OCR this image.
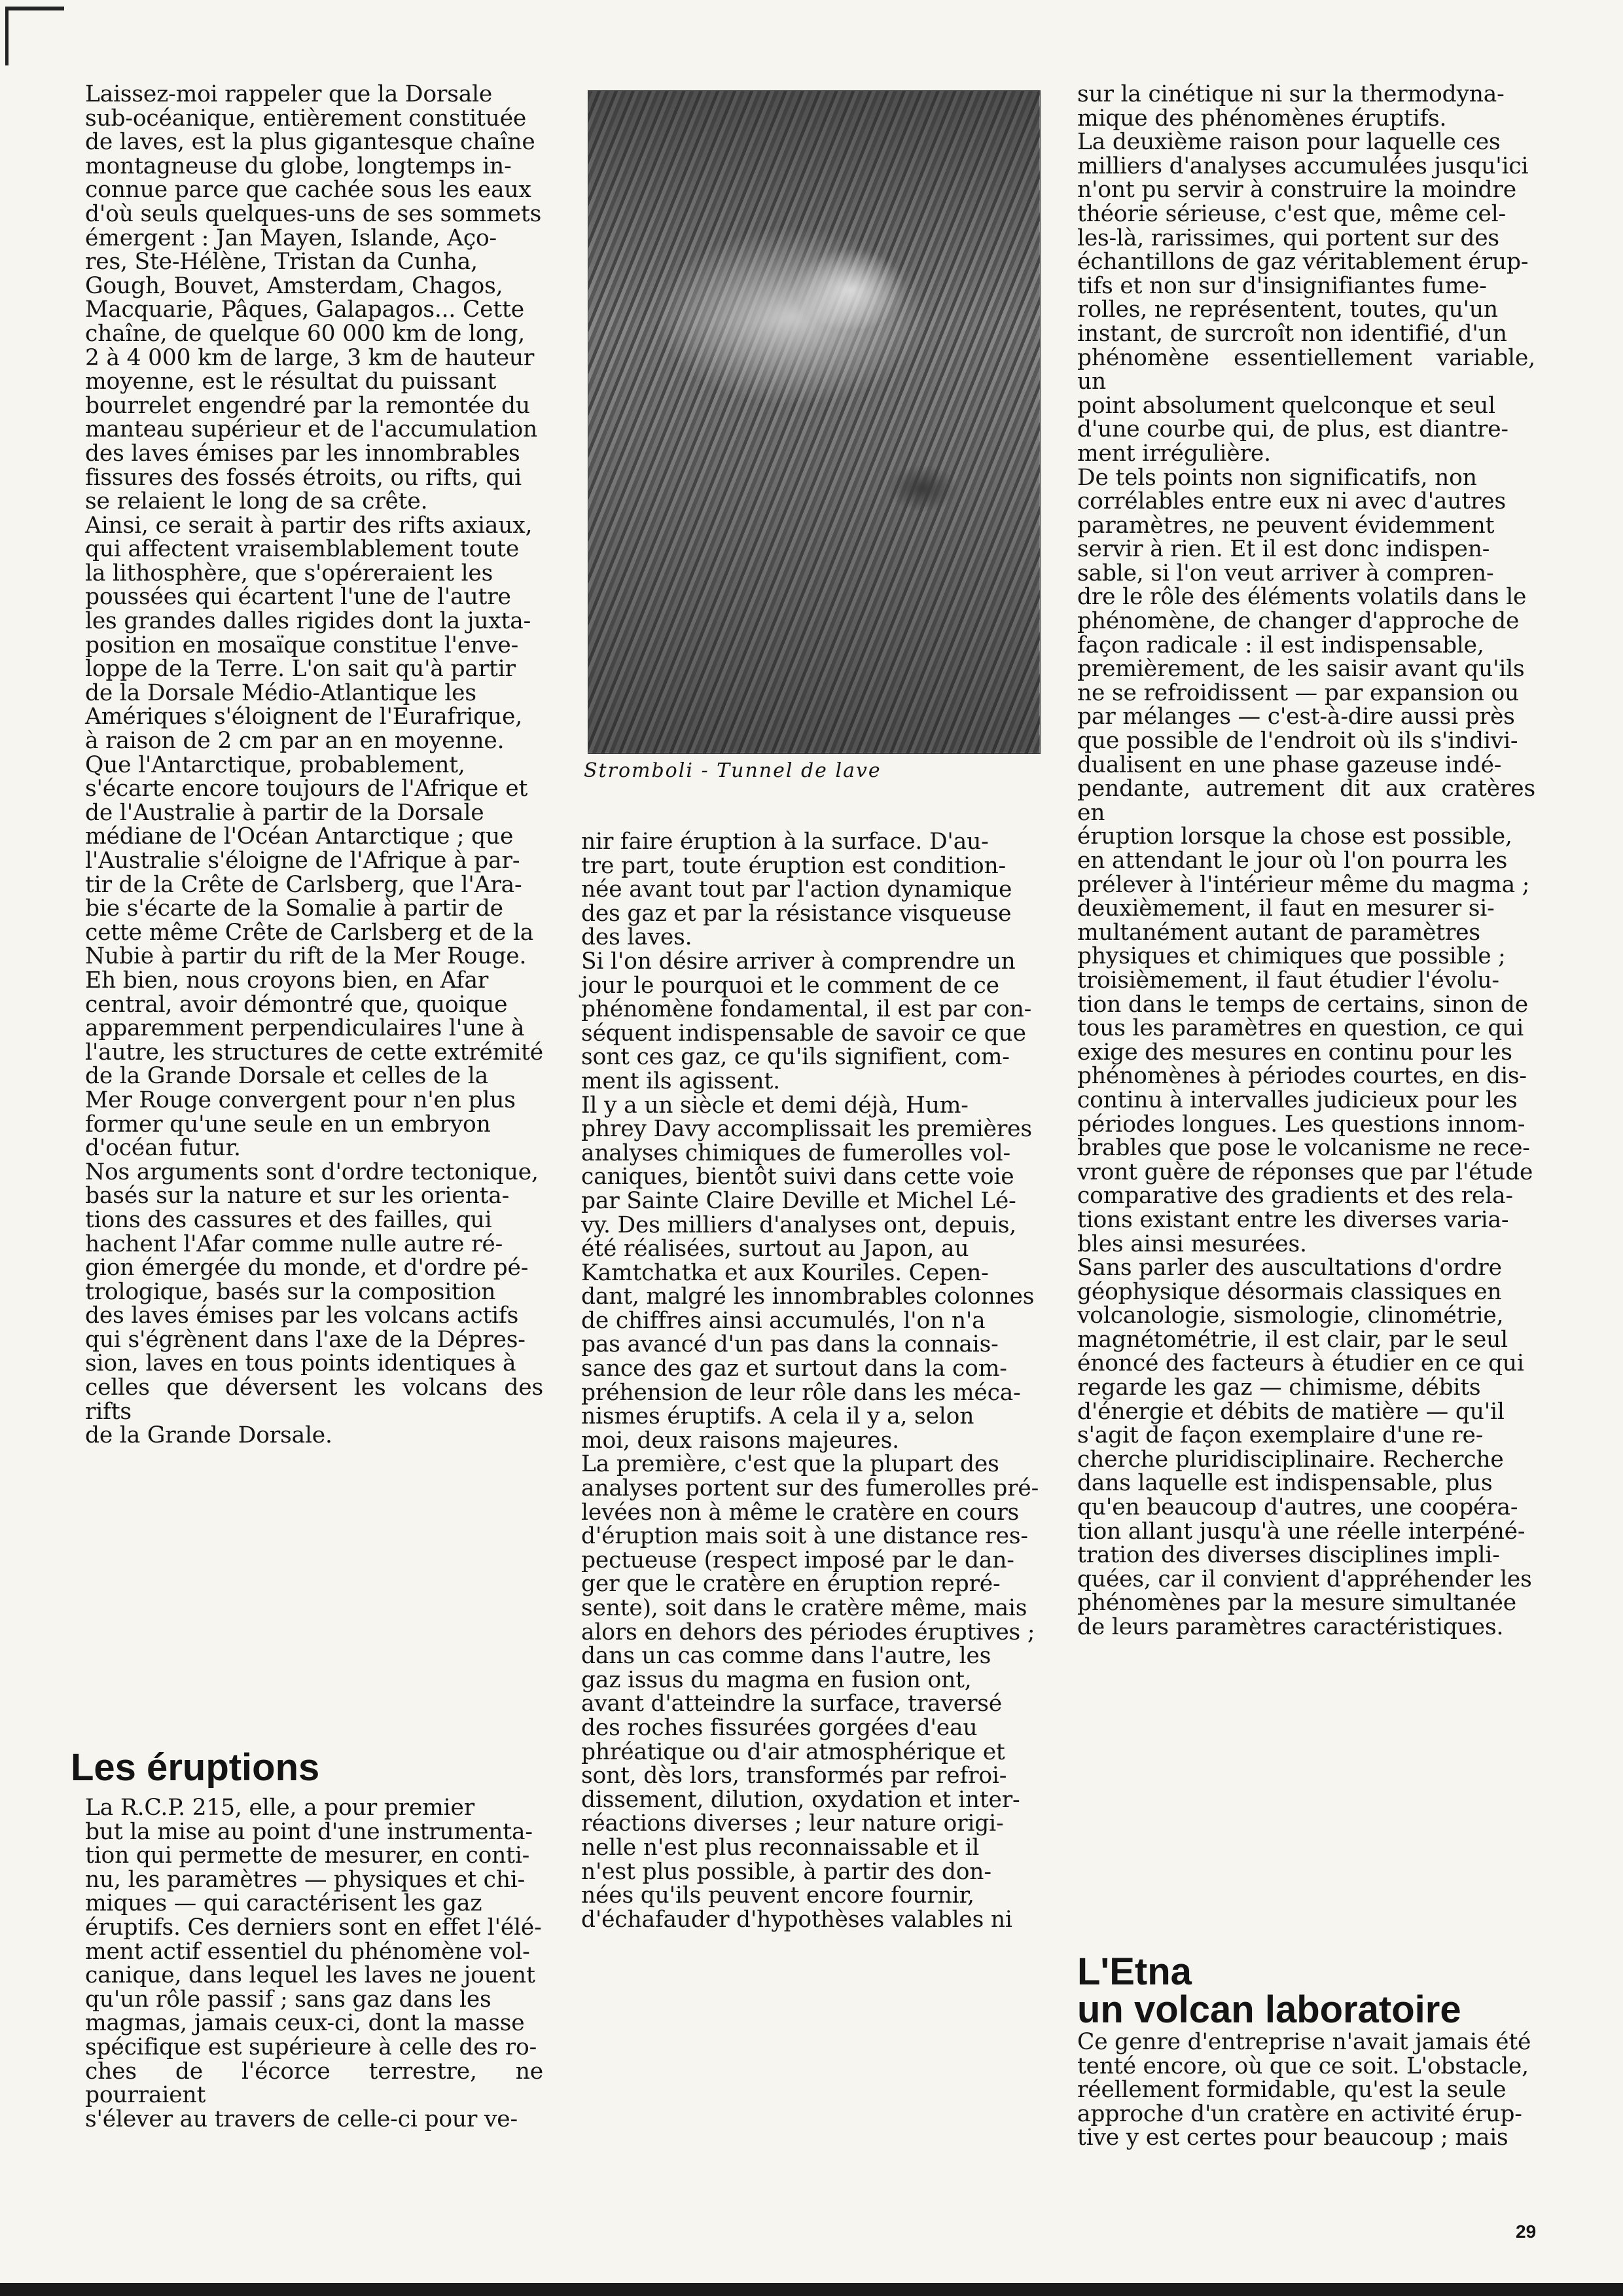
Laissez-moi rappeler que la Dorsale
sub-océanique, entièrement constituée
de laves, est la plus gigantesque chaîne
montagneuse du globe, longtemps in-
connue parce que cachée sous les eaux
d'où seuls quelques-uns de ses sommets
émergent : Jan Mayen, Islande, Aço-
res, Ste-Hélène, Tristan da Cunha,
Gough, Bouvet, Amsterdam, Chagos,
Macquarie, Pâques, Galapagos... Cette
chaîne, de quelque 60 000 km de long,
2 à 4 000 km de large, 3 km de hauteur
moyenne, est le résultat du puissant
bourrelet engendré par la remontée du
manteau supérieur et de l'accumulation
des laves émises par les innombrables
fissures des fossés étroits, ou rifts, qui
se relaient le long de sa crête.

Ainsi, ce serait à partir des rifts axiaux,
qui affectent vraisemblablement toute
la lithosphère, que s'opéreraient les
poussées qui écartent l'une de l'autre
les grandes dalles rigides dont la juxta-
position en mosaïque constitue l'enve-
loppe de la Terre. L'on sait qu'à partir
de la Dorsale Médio-Atlantique les
Amériques s'éloignent de l'Eurafrique,
à raison de 2 cm par an en moyenne.
Que l'Antarctique, probablement,
s'écarte encore toujours de l'Afrique et
de l'Australie à partir de la Dorsale
médiane de l'Océan Antarctique ; que
l'Australie s'éloigne de l'Afrique à par-
tir de la Crête de Carlsberg, que l'Ara-
bie s'écarte de la Somalie à partir de
cette même Crête de Carlsberg et de la
Nubie à partir du rift de la Mer Rouge.
Eh bien, nous croyons bien, en Afar
central, avoir démontré que, quoique
apparemment perpendiculaires l'une à
l'autre, les structures de cette extrémité
de la Grande Dorsale et celles de la
Mer Rouge convergent pour n'en plus
former qu'une seule en un embryon
d'océan futur.

Nos arguments sont d'ordre tectonique,
basés sur la nature et sur les orienta-
tions des cassures et des failles, qui
hachent l'Afar comme nulle autre ré-
gion émergée du monde, et d'ordre pé-
trologique, basés sur la composition
des laves émises par les volcans actifs
qui s'égrènent dans l'axe de la Dépres-
sion, laves en tous points identiques à
celles que déversent les volcans des rifts
de la Grande Dorsale.

Les éruptions

La R.C.P. 215, elle, a pour premier
but la mise au point d'une instrumenta-
tion qui permette de mesurer, en conti-
nu, les paramètres — physiques et chi-
miques — qui caractérisent les gaz
éruptifs. Ces derniers sont en effet l'élé-
ment actif essentiel du phénomène vol-
canique, dans lequel les laves ne jouent
qu'un rôle passif ; sans gaz dans les
magmas, jamais ceux-ci, dont la masse
spécifique est supérieure à celle des ro-
ches de l'écorce terrestre, ne pourraient
s'élever au travers de celle-ci pour ve-

Stromboli - Tunnel de lave

nir faire éruption à la surface. D'au-
tre part, toute éruption est condition-
née avant tout par l'action dynamique
des gaz et par la résistance visqueuse
des laves.

Si l'on désire arriver à comprendre un
jour le pourquoi et le comment de ce
phénomène fondamental, il est par con-
séquent indispensable de savoir ce que
sont ces gaz, ce qu'ils signifient, com-
ment ils agissent.

Il y a un siècle et demi déjà, Hum-
phrey Davy accomplissait les premières
analyses chimiques de fumerolles vol-
caniques, bientôt suivi dans cette voie
par Sainte Claire Deville et Michel Lé-
vy. Des milliers d'analyses ont, depuis,
été réalisées, surtout au Japon, au
Kamtchatka et aux Kouriles. Cepen-
dant, malgré les innombrables colonnes
de chiffres ainsi accumulés, l'on n'a
pas avancé d'un pas dans la connais-
sance des gaz et surtout dans la com-
préhension de leur rôle dans les méca-
nismes éruptifs. A cela il y a, selon
moi, deux raisons majeures.

La première, c'est que la plupart des
analyses portent sur des fumerolles pré-
levées non à même le cratère en cours
d'éruption mais soit à une distance res-
pectueuse (respect imposé par le dan-
ger que le cratère en éruption repré-
sente), soit dans le cratère même, mais
alors en dehors des périodes éruptives ;
dans un cas comme dans l'autre, les
gaz issus du magma en fusion ont,
avant d'atteindre la surface, traversé
des roches fissurées gorgées d'eau
phréatique ou d'air atmosphérique et
sont, dès lors, transformés par refroi-
dissement, dilution, oxydation et inter-
réactions diverses ; leur nature origi-
nelle n'est plus reconnaissable et il
n'est plus possible, à partir des don-
nées qu'ils peuvent encore fournir,
d'échafauder d'hypothèses valables ni

sur la cinétique ni sur la thermodyna-
mique des phénomènes éruptifs.

La deuxième raison pour laquelle ces
milliers d'analyses accumulées jusqu'ici
n'ont pu servir à construire la moindre
théorie sérieuse, c'est que, même cel-
les-là, rarissimes, qui portent sur des
échantillons de gaz véritablement érup-
tifs et non sur d'insignifiantes fume-
rolles, ne représentent, toutes, qu'un
instant, de surcroît non identifié, d'un
phénomène essentiellement variable, un
point absolument quelconque et seul
d'une courbe qui, de plus, est diantre-
ment irrégulière.

De tels points non significatifs, non
corrélables entre eux ni avec d'autres
paramètres, ne peuvent évidemment
servir à rien. Et il est donc indispen-
sable, si l'on veut arriver à compren-
dre le rôle des éléments volatils dans le
phénomène, de changer d'approche de
façon radicale : il est indispensable,
premièrement, de les saisir avant qu'ils
ne se refroidissent — par expansion ou
par mélanges — c'est-à-dire aussi près
que possible de l'endroit où ils s'indivi-
dualisent en une phase gazeuse indé-
pendante, autrement dit aux cratères en
éruption lorsque la chose est possible,
en attendant le jour où l'on pourra les
prélever à l'intérieur même du magma ;
deuxièmement, il faut en mesurer si-
multanément autant de paramètres
physiques et chimiques que possible ;
troisièmement, il faut étudier l'évolu-
tion dans le temps de certains, sinon de
tous les paramètres en question, ce qui
exige des mesures en continu pour les
phénomènes à périodes courtes, en dis-
continu à intervalles judicieux pour les
périodes longues. Les questions innom-
brables que pose le volcanisme ne rece-
vront guère de réponses que par l'étude
comparative des gradients et des rela-
tions existant entre les diverses varia-
bles ainsi mesurées.

Sans parler des auscultations d'ordre
géophysique désormais classiques en
volcanologie, sismologie, clinométrie,
magnétométrie, il est clair, par le seul
énoncé des facteurs à étudier en ce qui
regarde les gaz — chimisme, débits
d'énergie et débits de matière — qu'il
s'agit de façon exemplaire d'une re-
cherche pluridisciplinaire. Recherche
dans laquelle est indispensable, plus
qu'en beaucoup d'autres, une coopéra-
tion allant jusqu'à une réelle interpéné-
tration des diverses disciplines impli-
quées, car il convient d'appréhender les
phénomènes par la mesure simultanée
de leurs paramètres caractéristiques.

L'Etna
un volcan laboratoire

Ce genre d'entreprise n'avait jamais été
tenté encore, où que ce soit. L'obstacle,
réellement formidable, qu'est la seule
approche d'un cratère en activité érup-
tive y est certes pour beaucoup ; mais

29
